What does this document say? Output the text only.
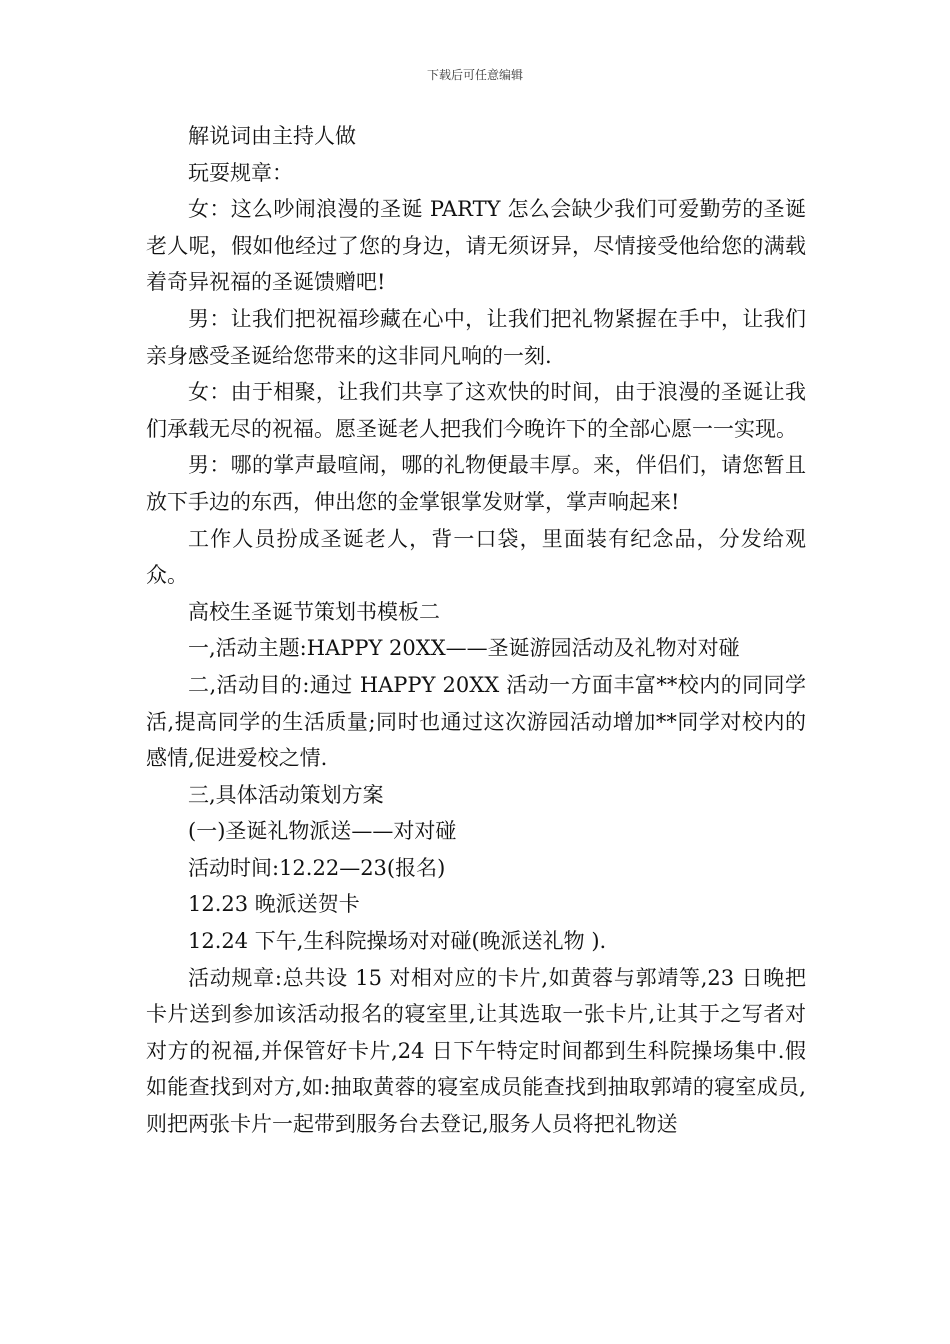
下载后可任意编辑

解说词由主持人做

玩耍规章：

女：这么吵闹浪漫的圣诞 PARTY 怎么会缺少我们可爱勤劳的圣诞老人呢，假如他经过了您的身边，请无须讶异，尽情接受他给您的满载着奇异祝福的圣诞馈赠吧!

男：让我们把祝福珍藏在心中，让我们把礼物紧握在手中，让我们亲身感受圣诞给您带来的这非同凡响的一刻.

女：由于相聚，让我们共享了这欢快的时间，由于浪漫的圣诞让我们承载无尽的祝福。愿圣诞老人把我们今晚许下的全部心愿一一实现。

男：哪的掌声最喧闹，哪的礼物便最丰厚。来，伴侣们，请您暂且放下手边的东西，伸出您的金掌银掌发财掌，掌声响起来!

工作人员扮成圣诞老人，背一口袋，里面装有纪念品，分发给观众。

高校生圣诞节策划书模板二

一,活动主题:HAPPY 20XX——圣诞游园活动及礼物对对碰

二,活动目的:通过 HAPPY 20XX 活动一方面丰富**校内的同同学活,提高同学的生活质量;同时也通过这次游园活动增加**同学对校内的感情,促进爱校之情.

三,具体活动策划方案

(一)圣诞礼物派送——对对碰

活动时间:12.22—23(报名)

12.23 晚派送贺卡

12.24 下午,生科院操场对对碰(晚派送礼物 ).

活动规章:总共设 15 对相对应的卡片,如黄蓉与郭靖等,23 日晚把卡片送到参加该活动报名的寝室里,让其选取一张卡片,让其于之写者对对方的祝福,并保管好卡片,24 日下午特定时间都到生科院操场集中.假如能查找到对方,如:抽取黄蓉的寝室成员能查找到抽取郭靖的寝室成员,则把两张卡片一起带到服务台去登记,服务人员将把礼物送
